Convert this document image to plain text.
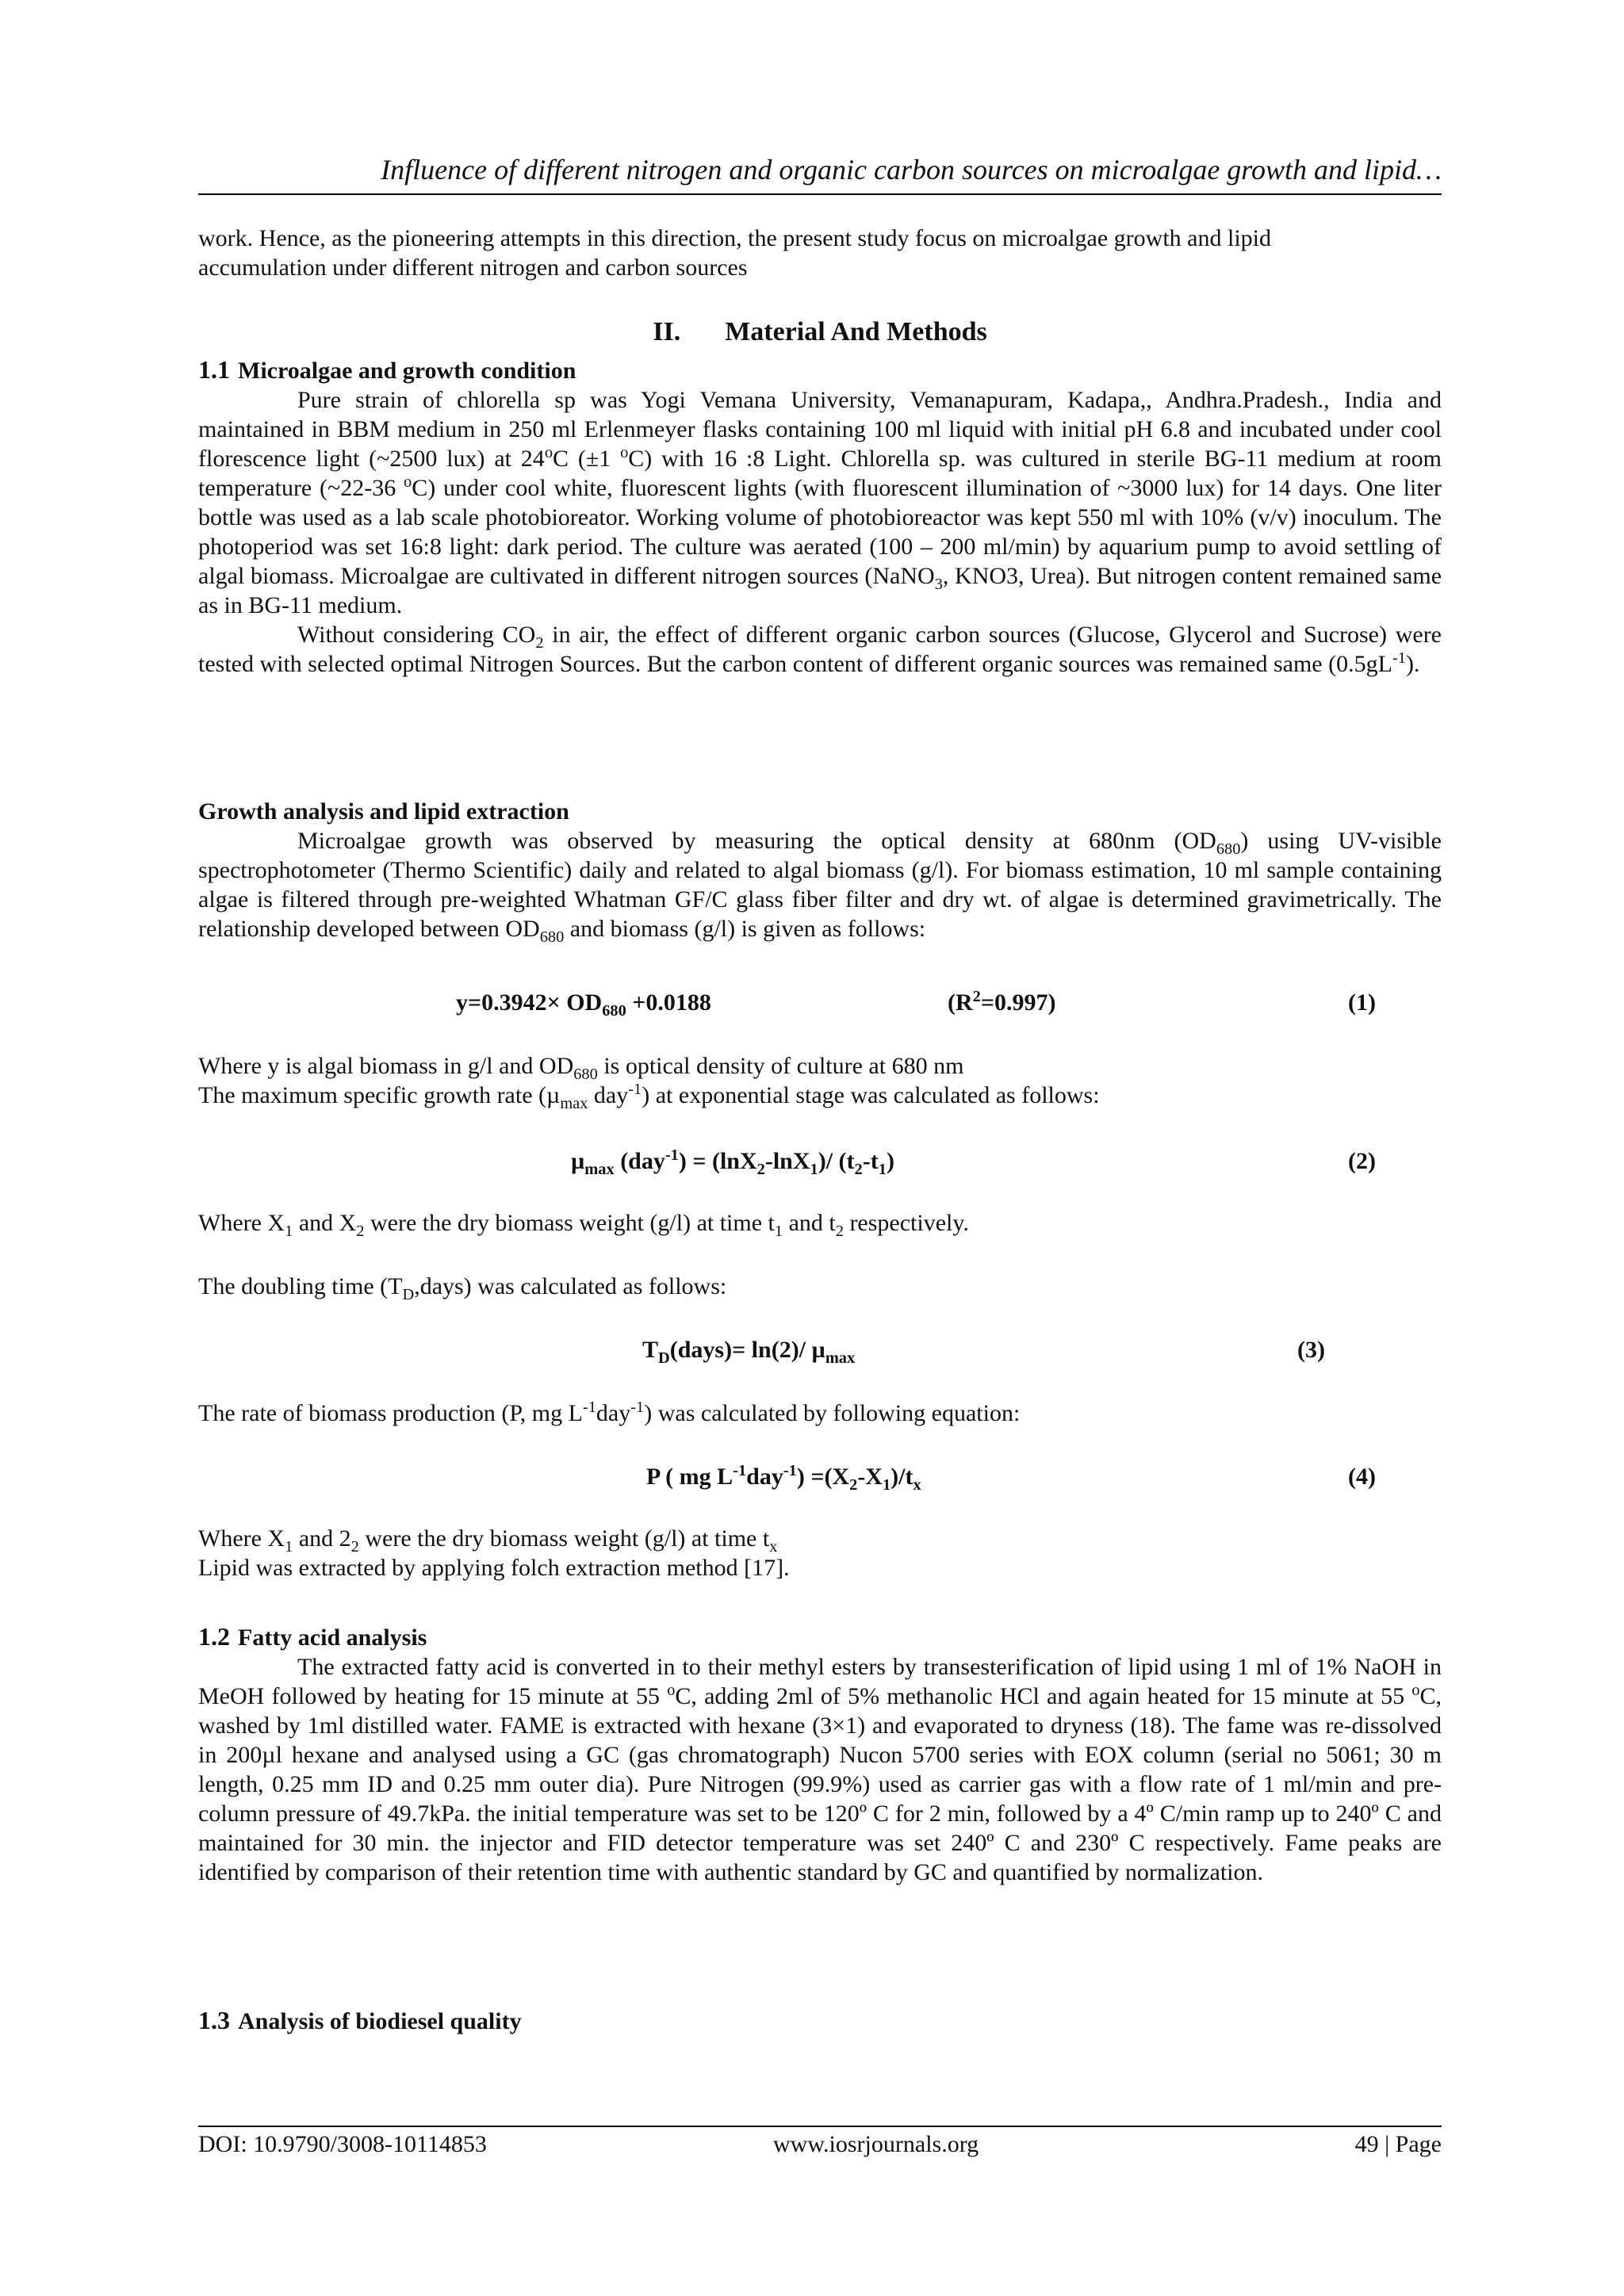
Influence of different nitrogen and organic carbon sources on microalgae growth and lipid…

work. Hence, as the pioneering attempts in this direction, the present study focus on microalgae growth and lipid

accumulation under different nitrogen and carbon sources

II. Material And Methods

1.1 Microalgae and growth condition

Pure strain of chlorella sp was Yogi Vemana University, Vemanapuram, Kadapa,, Andhra.Pradesh., India and maintained in BBM medium in 250 ml Erlenmeyer flasks containing 100 ml liquid with initial pH 6.8 and incubated under cool florescence light (~2500 lux) at 24$^o$C (±1 $^o$C) with 16 :8 Light. Chlorella sp. was cultured in sterile BG-11 medium at room temperature (~22-36 $^o$C) under cool white, fluorescent lights (with fluorescent illumination of ~3000 lux) for 14 days. One liter bottle was used as a lab scale photobioreator. Working volume of photobioreactor was kept 550 ml with 10% (v/v) inoculum. The photoperiod was set 16:8 light: dark period. The culture was aerated (100 – 200 ml/min) by aquarium pump to avoid settling of algal biomass. Microalgae are cultivated in different nitrogen sources (NaNO$_3$, KNO3, Urea). But nitrogen content remained same as in BG-11 medium.

Without considering $CO_2$ in air, the effect of different organic carbon sources (Glucose, Glycerol and Sucrose) were tested with selected optimal Nitrogen Sources. But the carbon content of different organic sources was remained same $(0.5gL^{-1})$.

Growth analysis and lipid extraction

Microalgae growth was observed by measuring the optical density at 680nm $(OD_{680})$ using UV-visible spectrophotometer (Thermo Scientific) daily and related to algal biomass (g/l). For biomass estimation, 10 ml sample containing algae is filtered through pre-weighted Whatman GF/C glass fiber filter and dry wt. of algae is determined gravimetrically. The relationship developed between $OD_{680}$ and biomass (g/l) is given as follows:

$y=0.3942\times OD_{680} +0.0188$	$(R^2=0.997)$	(1)

Where y is algal biomass in g/l and $OD_{680}$ is optical density of culture at 680 nm

The maximum specific growth rate (µ$_{max}$ day$^{-1}$) at exponential stage was calculated as follows:

µ$_{max}$ (day$^{-1}$) = (lnX$_2$-lnX$_1$)/ $(t_2-t_1)$	(2)

Where $X_1$ and $X_2$ were the dry biomass weight (g/l) at time $t_1$ and $t_2$ respectively.

The doubling time $(T_D,days)$ was calculated as follows:

$T_D(days)= \ln(2)/$ µ$_{max}$	(3)

The rate of biomass production (P, mg $L^{-1}day^{-1}$) was calculated by following equation:

P ( mg $L^{-1}day^{-1}) =(X_2-X_1)/t_x$	(4)

Where $X_1$ and $2_2$ were the dry biomass weight (g/l) at time $t_x$

Lipid was extracted by applying folch extraction method [17].

1.2 Fatty acid analysis

The extracted fatty acid is converted in to their methyl esters by transesterification of lipid using 1 ml of 1% NaOH in MeOH followed by heating for 15 minute at 55 $^o$C, adding 2ml of 5% methanolic HCl and again heated for 15 minute at 55 $^o$C, washed by 1ml distilled water. FAME is extracted with hexane (3×1) and evaporated to dryness (18). The fame was re-dissolved in 200µl hexane and analysed using a GC (gas chromatograph) Nucon 5700 series with EOX column (serial no 5061; 30 m length, 0.25 mm ID and 0.25 mm outer dia). Pure Nitrogen (99.9%) used as carrier gas with a flow rate of 1 ml/min and pre-column pressure of 49.7kPa. the initial temperature was set to be 120º C for 2 min, followed by a 4º C/min ramp up to 240º C and maintained for 30 min. the injector and FID detector temperature was set 240º C and 230º C respectively. Fame peaks are identified by comparison of their retention time with authentic standard by GC and quantified by normalization.

1.3 Analysis of biodiesel quality

DOI: 10.9790/3008-10114853	www.iosrjournals.org	49 | Page
